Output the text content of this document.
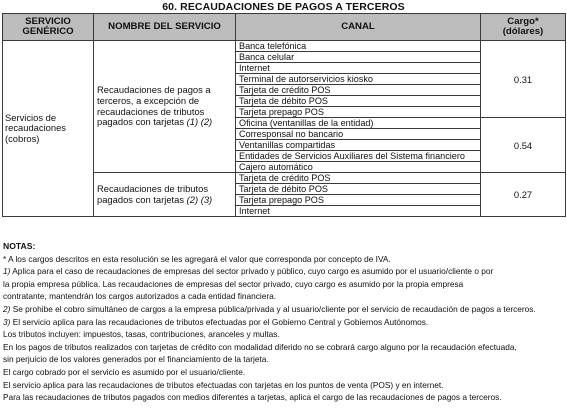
60. RECAUDACIONES DE PAGOS A TERCEROS
SERVICIO
GENÉRICO	NOMBRE DEL SERVICIO	CANAL	Cargo*
(dólares)
Servicios de
recaudaciones
(cobros)	Recaudaciones de pagos a
terceros, a excepción de
recaudaciones de tributos
pagados con tarjetas (1) (2)	Banca telefónica	0.31
		Banca celular	
		Internet	
		Terminal de autorservicios kiosko	
		Tarjeta de crédito POS	
		Tarjeta de débito POS	
		Tarjeta prepago POS	
		Oficina (ventanillas de la entidad)	0.54
		Corresponsal no bancario	
		Ventanillas compartidas	
		Entidades de Servicios Auxiliares del Sistema financiero	
		Cajero automático	
	Recaudaciones de tributos
pagados con tarjetas (2) (3)	Tarjeta de crédito POS	0.27
		Tarjeta de débito POS	
		Tarjeta prepago POS	
		Internet	
NOTAS:
* A los cargos descritos en esta resolución se les agregará el valor que corresponda por concepto de IVA.
1) Aplica para el caso de recaudaciones de empresas del sector privado y público, cuyo cargo es asumido por el usuario/cliente o por
la propia empresa pública. Las recaudaciones de empresas del sector privado, cuyo cargo es asumido por la propia empresa
contratante, mantendrán los cargos autorizados a cada entidad financiera.
2) Se prohibe el cobro simultáneo de cargos a la empresa pública/privada y al usuario/cliente por el servicio de recaudación de pagos a terceros.
3) El servicio aplica para las recaudaciones de tributos efectuadas por el Gobierno Central y Gobiernos Autónomos.
Los tributos incluyen: impuestos, tasas, contribuciones, aranceles y multas.
En los pagos de tributos realizados con tarjetas de crédito con modalidad diferido no se cobrará cargo alguno por la recaudación efectuada,
sin perjuicio de los valores generados por el financiamiento de la tarjeta.
El cargo cobrado por el servicio es asumido por el usuario/cliente.
El servicio aplica para las recaudaciones de tributos efectuadas con tarjetas en los puntos de venta (POS) y en internet.
Para las recaudaciones de tributos pagados con medios diferentes a tarjetas, aplica el cargo de las recaudaciones de pagos a terceros.
